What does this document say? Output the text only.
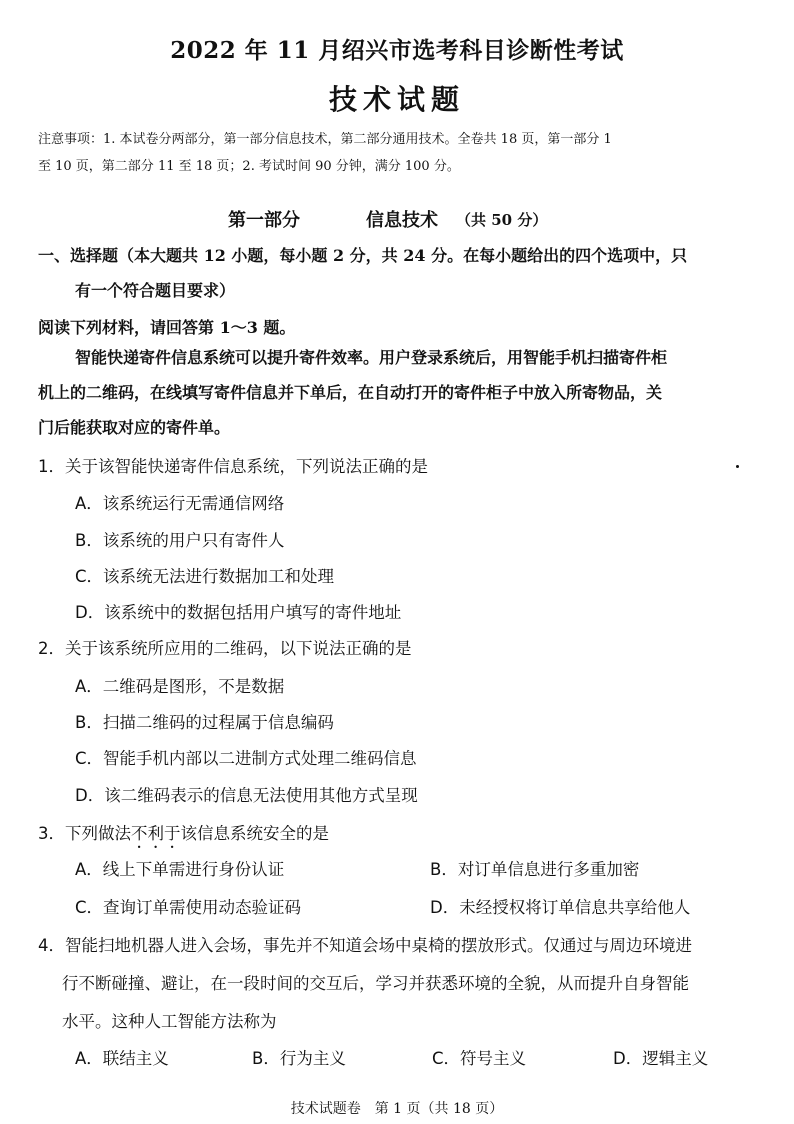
2022 年 11 月绍兴市选考科目诊断性考试
技术试题
注意事项：1. 本试卷分两部分，第一部分信息技术，第二部分通用技术。全卷共 18 页，第一部分 1
至 10 页，第二部分 11 至 18 页；2. 考试时间 90 分钟，满分 100 分。
第一部分	信息技术 （共 50 分）
一、选择题（本大题共 12 小题，每小题 2 分，共 24 分。在每小题给出的四个选项中，只
有一个符合题目要求）
阅读下列材料，请回答第 1～3 题。
智能快递寄件信息系统可以提升寄件效率。用户登录系统后，用智能手机扫描寄件柜
机上的二维码，在线填写寄件信息并下单后，在自动打开的寄件柜子中放入所寄物品，关
门后能获取对应的寄件单。
1．关于该智能快递寄件信息系统，下列说法正确的是
A．该系统运行无需通信网络
B．该系统的用户只有寄件人
C．该系统无法进行数据加工和处理
D．该系统中的数据包括用户填写的寄件地址
2．关于该系统所应用的二维码，以下说法正确的是
A．二维码是图形，不是数据
B．扫描二维码的过程属于信息编码
C．智能手机内部以二进制方式处理二维码信息
D．该二维码表示的信息无法使用其他方式呈现
3．下列做法不利于该信息系统安全的是
A．线上下单需进行身份认证	B．对订单信息进行多重加密
C．查询订单需使用动态验证码	D．未经授权将订单信息共享给他人
4．智能扫地机器人进入会场，事先并不知道会场中桌椅的摆放形式。仅通过与周边环境进
行不断碰撞、避让，在一段时间的交互后，学习并获悉环境的全貌，从而提升自身智能
水平。这种人工智能方法称为
A．联结主义	B．行为主义	C．符号主义	D．逻辑主义
技术试题卷　第 1 页（共 18 页）
